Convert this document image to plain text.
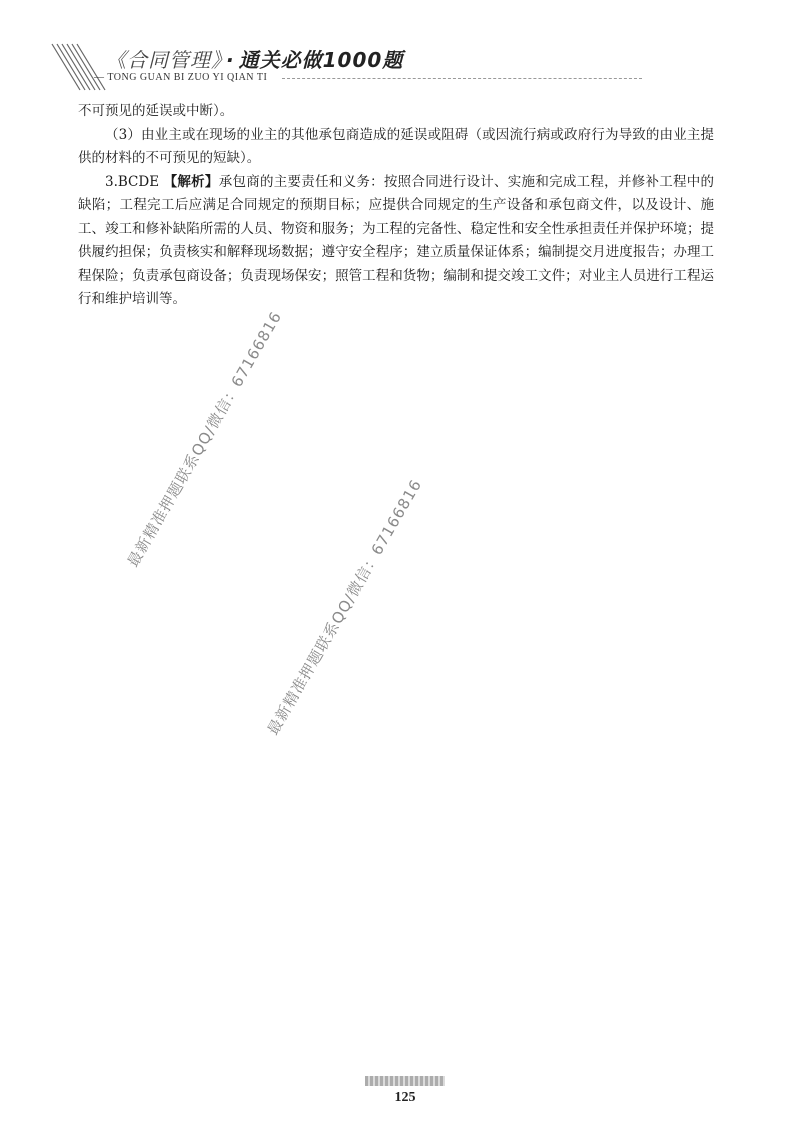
《合同管理》 · 通关必做1000题
— TONG GUAN BI ZUO YI QIAN TI

不可预见的延误或中断）。

（3）由业主或在现场的业主的其他承包商造成的延误或阻碍（或因流行病或政府行为导致的由业主提供的材料的不可预见的短缺）。

3.BCDE 【解析】承包商的主要责任和义务：按照合同进行设计、实施和完成工程，并修补工程中的缺陷；工程完工后应满足合同规定的预期目标；应提供合同规定的生产设备和承包商文件，以及设计、施工、竣工和修补缺陷所需的人员、物资和服务；为工程的完备性、稳定性和安全性承担责任并保护环境；提供履约担保；负责核实和解释现场数据；遵守安全程序；建立质量保证体系；编制提交月进度报告；办理工程保险；负责承包商设备；负责现场保安；照管工程和货物；编制和提交竣工文件；对业主人员进行工程运行和维护培训等。

最新精准押题联系QQ/微信：67166816
最新精准押题联系QQ/微信：67166816
125
